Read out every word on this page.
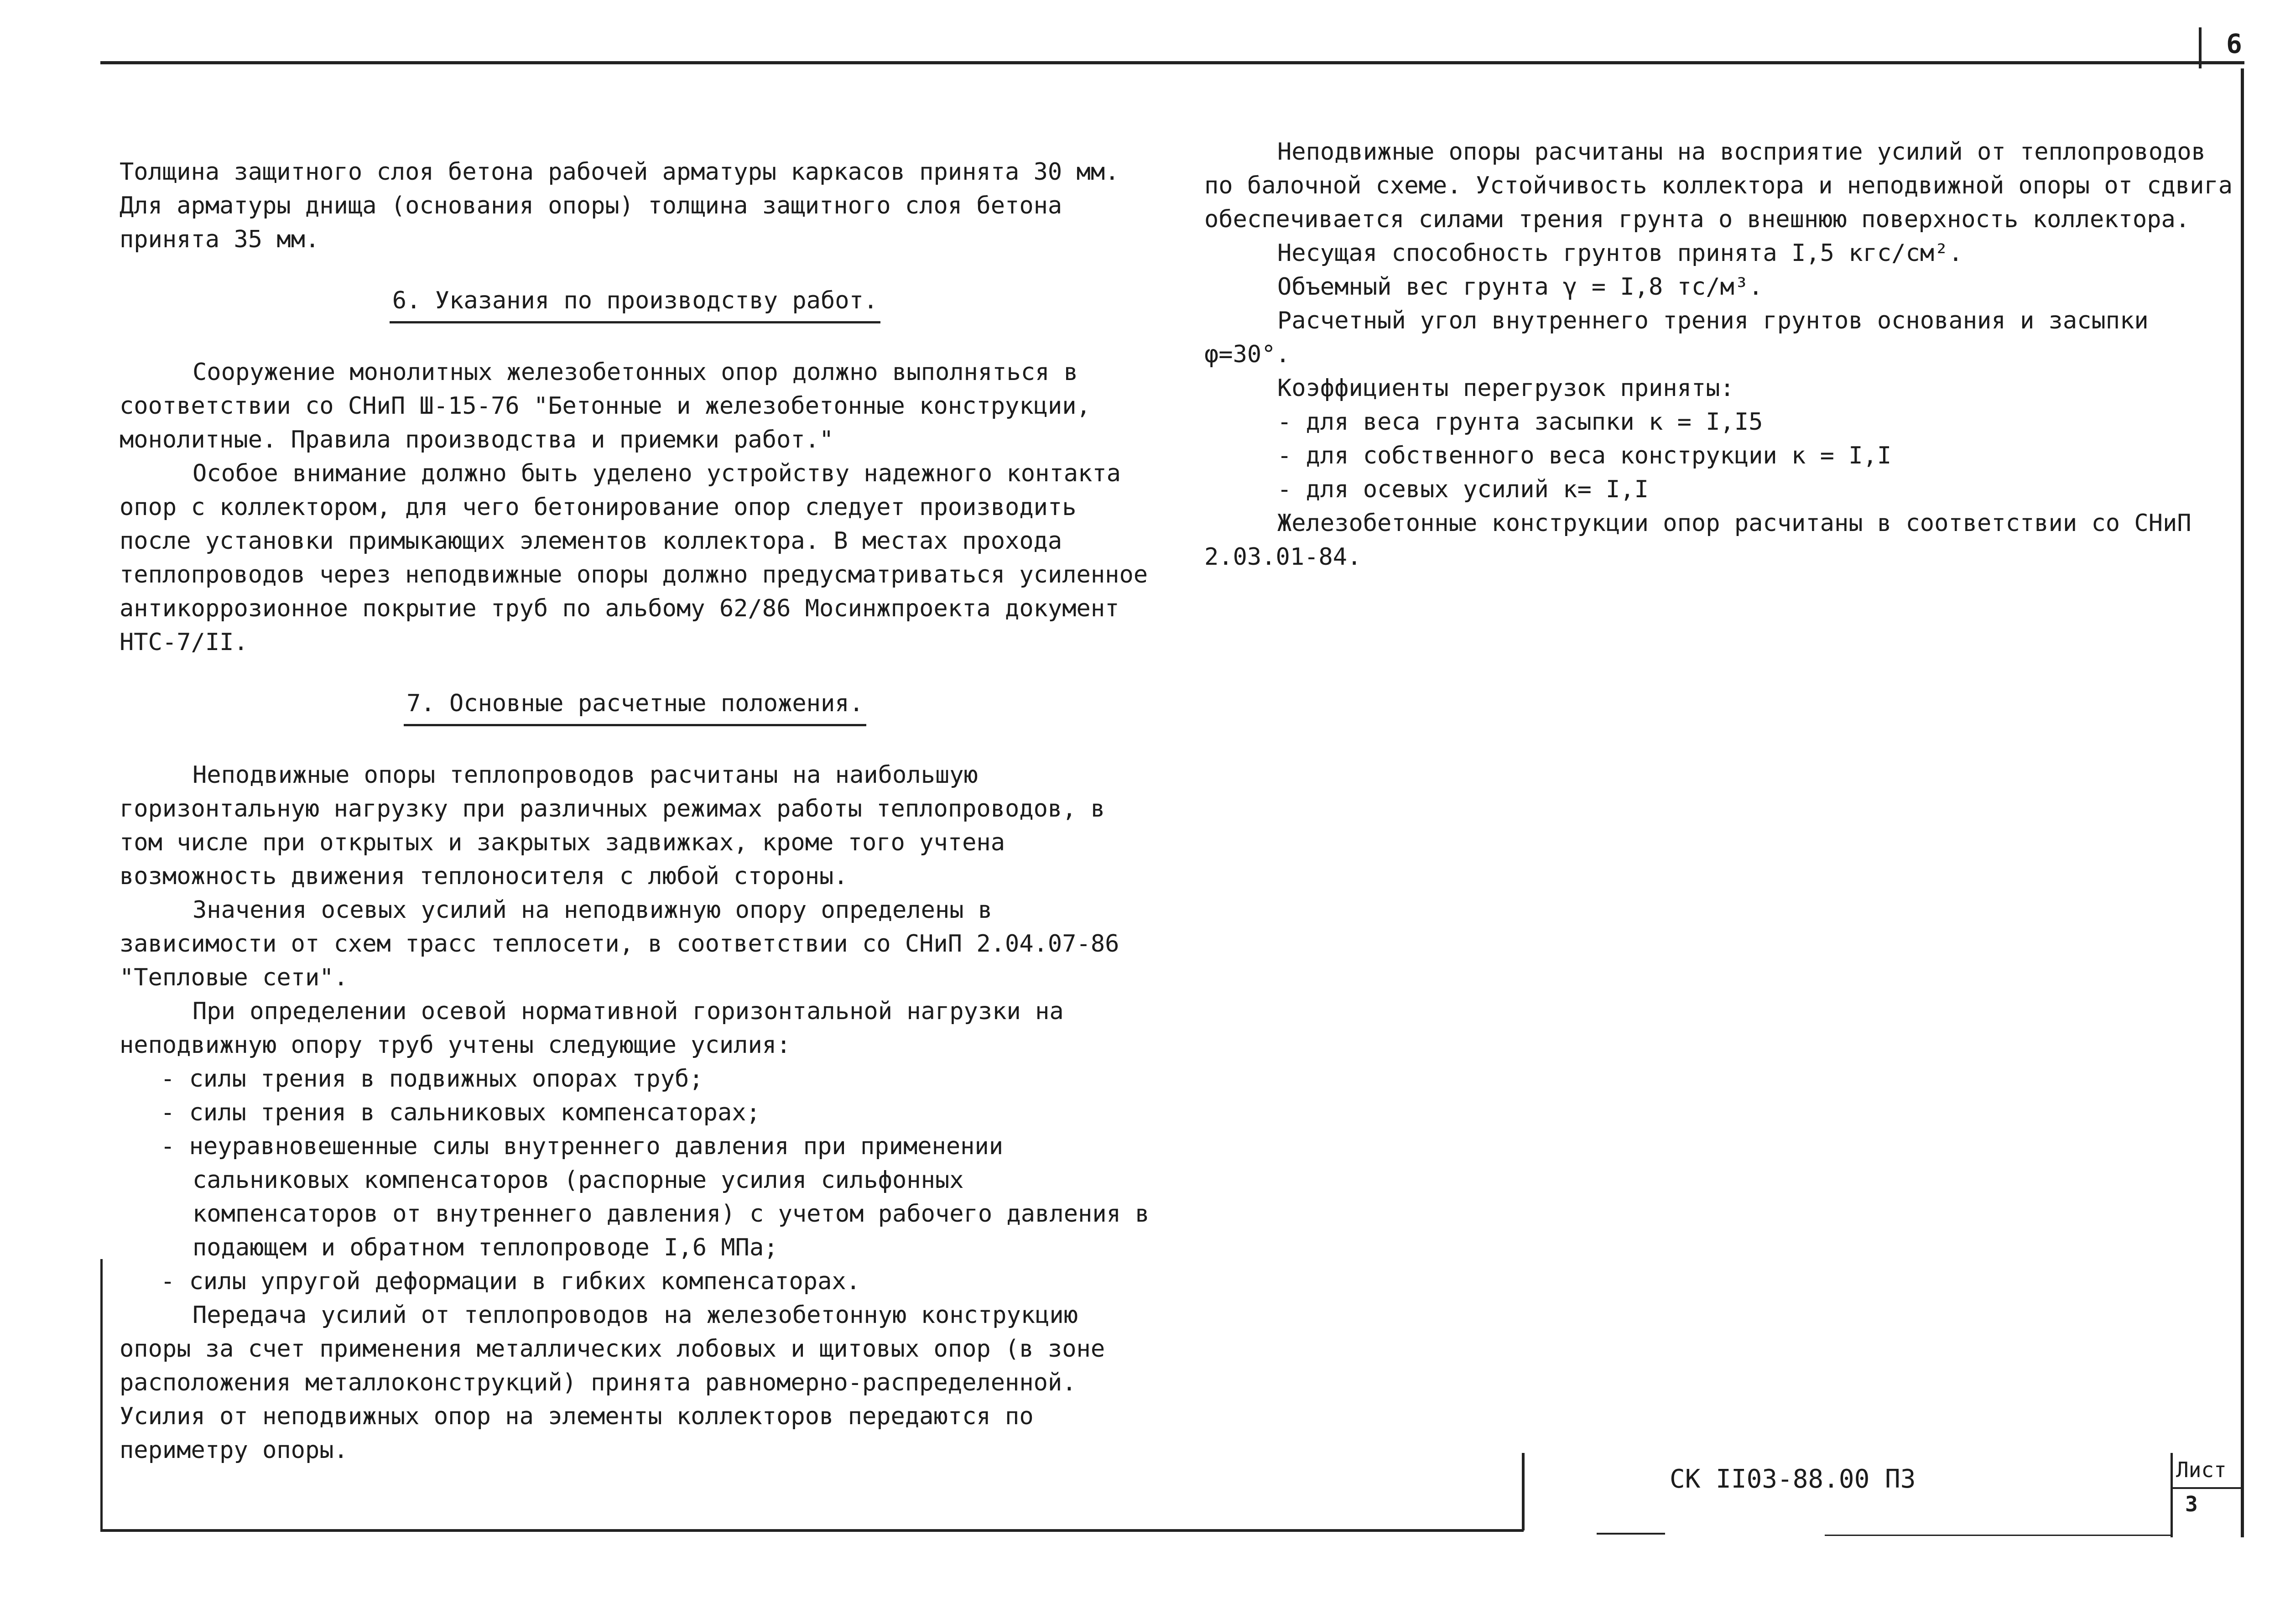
6

Толщина защитного слоя бетона рабочей арматуры каркасов принята 30 мм. Для арматуры днища (основания опоры) толщина защитного слоя бетона принята 35 мм.

6. Указания по производству работ.

Сооружение монолитных железобетонных опор должно выполняться в соответствии со СНиП Ш-15-76 "Бетонные и железобетонные конструкции, монолитные. Правила производства и приемки работ."

Особое внимание должно быть уделено устройству надежного контакта опор с коллектором, для чего бетонирование опор следует производить после установки примыкающих элементов коллектора. В местах прохода теплопроводов через неподвижные опоры должно предусматриваться усиленное антикоррозионное покрытие труб по альбому 62/86 Мосинжпроекта документ НТС-7/II.

7. Основные расчетные положения.

Неподвижные опоры теплопроводов расчитаны на наибольшую горизонтальную нагрузку при различных режимах работы теплопроводов, в том числе при открытых и закрытых задвижках, кроме того учтена возможность движения теплоносителя с любой стороны.

Значения осевых усилий на неподвижную опору определены в зависимости от схем трасс теплосети, в соответствии со СНиП 2.04.07-86 "Тепловые сети".

При определении осевой нормативной горизонтальной нагрузки на неподвижную опору труб учтены следующие усилия:

- силы трения в подвижных опорах труб;

- силы трения в сальниковых компенсаторах;

- неуравновешенные силы внутреннего давления при применении сальниковых компенсаторов (распорные усилия сильфонных компенсаторов от внутреннего давления) с учетом рабочего давления в подающем и обратном теплопроводе I,6 МПа;

- силы упругой деформации в гибких компенсаторах.

Передача усилий от теплопроводов на железобетонную конструкцию опоры за счет применения металлических лобовых и щитовых опор (в зоне расположения металлоконструкций) принята равномерно-распределенной. Усилия от неподвижных опор на элементы коллекторов передаются по периметру опоры.

Неподвижные опоры расчитаны на восприятие усилий от теплопроводов по балочной схеме. Устойчивость коллектора и неподвижной опоры от сдвига обеспечивается силами трения грунта о внешнюю поверхность коллектора.

Несущая способность грунтов принята I,5 кгс/см².

Объемный вес грунта γ = I,8 тс/м³.

Расчетный угол внутреннего трения грунтов основания и засыпки φ=30°.

Коэффициенты перегрузок приняты:

- для веса грунта засыпки к = I,I5

- для собственного веса конструкции к = I,I

- для осевых усилий к= I,I

Железобетонные конструкции опор расчитаны в соответствии со СНиП 2.03.01-84.

СК II03-88.00 ПЗ	Лист
3
